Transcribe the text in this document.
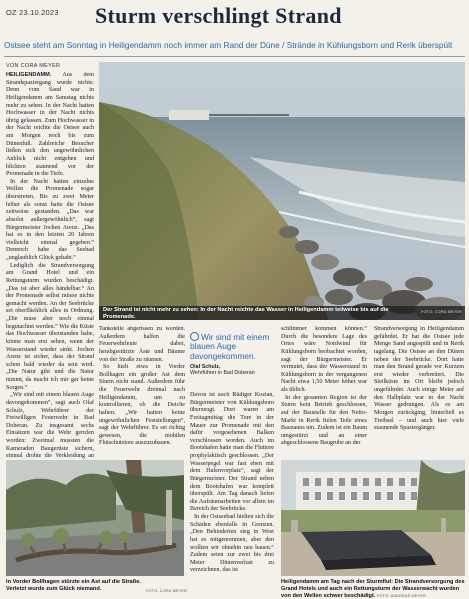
OZ 23.10.2023 Sturm verschlingt Strand
Ostsee steht am Sonntag in Heiligendamm noch immer am Rand der Düne / Strände in Kühlungsborn und Rerik überspült
VON CORA MEYER

HEILIGENDAMM. Aus dem Strandspaziergang wurde nichts: Denn vom Sand war in Heiligendamm am Samstag nichts mehr zu sehen. In der Nacht hatten Hochwasser in der Nacht nichts übrig gelassen. Zum Hochwasser in der Nacht reichte die Ostsee auch am Morgen noch bis zum Dünenfuß. Zahlreiche Besucher ließen sich den ungewöhnlichen Anblick nicht entgehen und blickten staunend vor der Promenade in die Tiefe.

In der Nacht hatten einzelne Wellen die Promenade sogar überstreten. Bis zu zwei Meter höher als sonst hatte die Ostsee zeitweise gestanden. „Das war absolut außergewöhnlich“, sagt Bürgermeister Jochen Arenz. „Das hat es in den letzten 20 Jahren vielleicht einmal gegeben.“ Dennoch habe das Seebad „unglaublich Glück gehabt.“

Lediglich die Strandversorgung am Grand Hotel und ein Rettungsturm wurden beschädigt. „Das ist aber alles händelbar.“ An der Promenade selbst müsse nichts gemacht werden. An der Seebrücke sei oberflächlich alles in Ordnung. „Die muss aber noch einmal begutachtet werden.“ Wie die Küste das Hochwasser überstanden habe, könne man erst sehen, wenn der Wasserstand wieder sinkt. Jochen Arenz ist sicher, dass der Strand schon bald wieder da sein wird. „Die Natur gibt und die Natur nimmt, da macht ich mir gar keine Sorgen.“

„Wir sind mit einem blauen Auge davongekommen“, sagt auch Olaf Schulz, Wehrführer der Freiwilligen Feuerwehr in Bad Doberan. Zu insgesamt sechs Einsätzen war die Wehr gerufen worden: Zweimal mussten die Kameraden Baugerüste sichern, einmal drohte die Verkleidung an

Der Strand ist nicht mehr zu sehen: In der Nacht reichte das Wasser in Heiligendamm teilweise bis auf die Promenade.
FOTO: CORA MEYER

Tankstelle abgerissen zu werden. Außerdem halfen die Feuerwehrleute dabei, herabgestürzte Äste und Bäume von der Straße zu räumen.

So hielt etwa in Vorder Bollhagen ein großer Ast dem Sturm nicht stand. Außerdem führ die Feuerwehr dreimal nach Heiligendamm, um zu kontrollieren, ob die Deiche halten. „Wir hatten keine ungewöhnlichen Feststellungen“, sagt der Wehrführer. Es sei richtig gewesen, die mobilen Flutschutztore auszuzubauen.

Wir sind mit einem blauen Auge davongekommen.
Olaf Schulz,
Wehrführer in Bad Doberan

Davon ist auch Rüdiger Kozian, Bürgermeister von Kühlungsborn überzeugt. Dort waren am Freitagmittag die Tore in der Mauer zur Promenade mit den dafür vorgesehenen Balken verschlossen worden. Auch im Bootshafen hatte man die Fluttore prophylaktisch geschlossen. „Der Wasserpegel war fast eben mit dem Hafenvorplatz“, sagt der Bürgermeister. Der Strand neben dem Bootshafen war komplett überspült. Am Tag danach liefen die Aufräumarbeiten vor allem im Bereich der Seebrücke.

In der Ostseebad hielten sich die Schäden ebenfalls in Grenzen. „Den Behinderten steg in West hat es mitgenommen, aber den wollten wir ohnehin neu bauen.“ Zudem seien zur zwei bis drei Meter Dünenverlust zu verzeichnen, das ist

schlimmer kommen können.“ Durch die besondere Lage des Ortes wäre Nordwind für Kühlungsborn beobachtet worden, sagt der Bürgermeister. Er vermutet, dass der Wasserstand in Kühlungsborn in der vergangenen Nacht etwa 1,50 Meter höher war als üblich.

In der gesamten Region ist der Sturm kein Betrieb geschlossen, auf der Baustelle für den Netto-Markt in Rerik fielen Teile eines Bauzauns um. Zudem ist ein Baum umgestürzt und an einer abgeschlossene Baugrube an der

Strandversorgung in Heiligendamm gefährdet. Er hat die Ostsee jede Menge Sand angespült und in Rerik tagelang. Die Ostsee an den Dünen neben der Seebrücke. Dort hatte man den Strand gerade vor Kurzem erst wieder verbreitert. Die Steilküste im Ort bleibt jedoch ungefährdet. Auch einige Meter auf den Halbplatz war in der Nacht Wasser gedrungen. Als es am Morgen zurückging, hinterließ es Treibsel – und auch hier viele staunende Spaziergänger.

In Vorder Bollhagen stürzte ein Ast auf die Straße. Verletzt wurde zum Glück niemand.	FOTO: CORA MEYER
Heiligendamm am Tag nach der Sturmflut: Die Strandversorgung des Grand Hotels und auch ein Rettungsturm der Wasserwacht wurden von den Wellen schwer beschädigt. FOTO: ANDREAS MEYER
